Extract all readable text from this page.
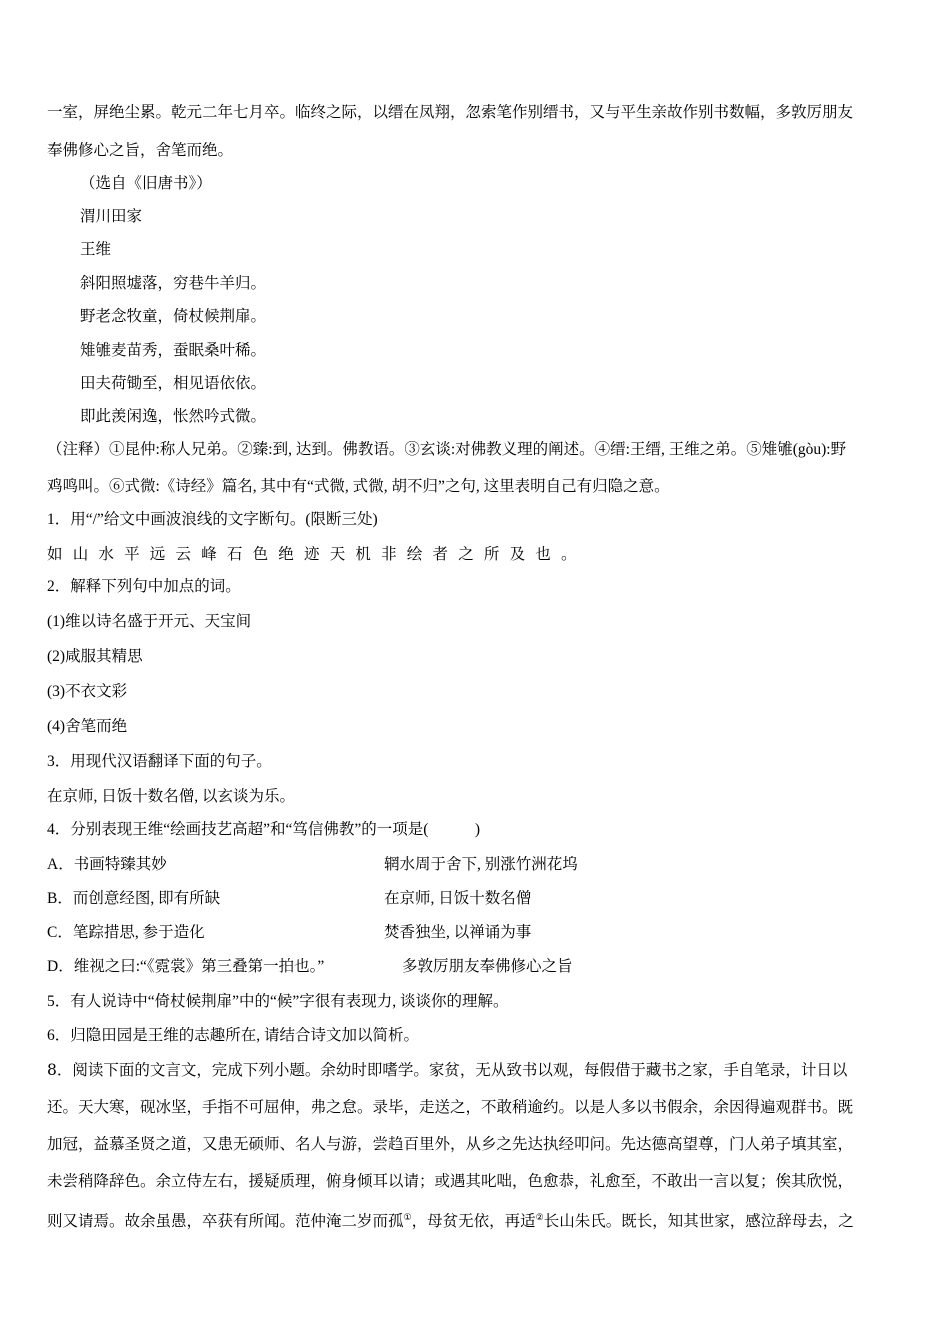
一室，屏绝尘累。乾元二年七月卒。临终之际，以缙在凤翔，忽索笔作别缙书，又与平生亲故作别书数幅，多敦厉朋友
奉佛修心之旨，舍笔而绝。
（选自《旧唐书》）
渭川田家
王维
斜阳照墟落，穷巷牛羊归。
野老念牧童，倚杖候荆扉。
雉雊麦苗秀，蚕眠桑叶稀。
田夫荷锄至，相见语依依。
即此羡闲逸，怅然吟式微。
（注释）①昆仲:称人兄弟。②臻:到, 达到。佛教语。③玄谈:对佛教义理的阐述。④缙:王缙, 王维之弟。⑤雉雊(gòu):野
鸡鸣叫。⑥式微:《诗经》篇名, 其中有“式微, 式微, 胡不归”之句, 这里表明自己有归隐之意。
1．用“/”给文中画波浪线的文字断句。(限断三处)
如山水平远云峰石色绝迹天机非绘者之所及也。
2．解释下列句中加点的词。
(1)维以诗名盛于开元、天宝间
(2)咸服其精思
(3)不衣文彩
(4)舍笔而绝
3．用现代汉语翻译下面的句子。
在京师, 日饭十数名僧, 以玄谈为乐。
4．分别表现王维“绘画技艺高超”和“笃信佛教”的一项是(　　　)
A．书画特臻其妙	辋水周于舍下, 别涨竹洲花坞
B．而创意经图, 即有所缺	在京师, 日饭十数名僧
C．笔踪措思, 参于造化	焚香独坐, 以禅诵为事
D．维视之曰:“《霓裳》第三叠第一拍也。”	多敦厉朋友奉佛修心之旨
5．有人说诗中“倚杖候荆扉”中的“候”字很有表现力, 谈谈你的理解。
6．归隐田园是王维的志趣所在, 请结合诗文加以简析。
8．阅读下面的文言文，完成下列小题。余幼时即嗜学。家贫，无从致书以观，每假借于藏书之家，手自笔录，计日以
还。天大寒，砚冰坚，手指不可屈伸，弗之怠。录毕，走送之，不敢稍逾约。以是人多以书假余，余因得遍观群书。既
加冠，益慕圣贤之道，又患无硕师、名人与游，尝趋百里外，从乡之先达执经叩问。先达德高望尊，门人弟子填其室，
未尝稍降辞色。余立侍左右，援疑质理，俯身倾耳以请；或遇其叱咄，色愈恭，礼愈至，不敢出一言以复；俟其欣悦，
则又请焉。故余虽愚，卒获有所闻。范仲淹二岁而孤①，母贫无依，再适②长山朱氏。既长，知其世家，感泣辞母去，之
